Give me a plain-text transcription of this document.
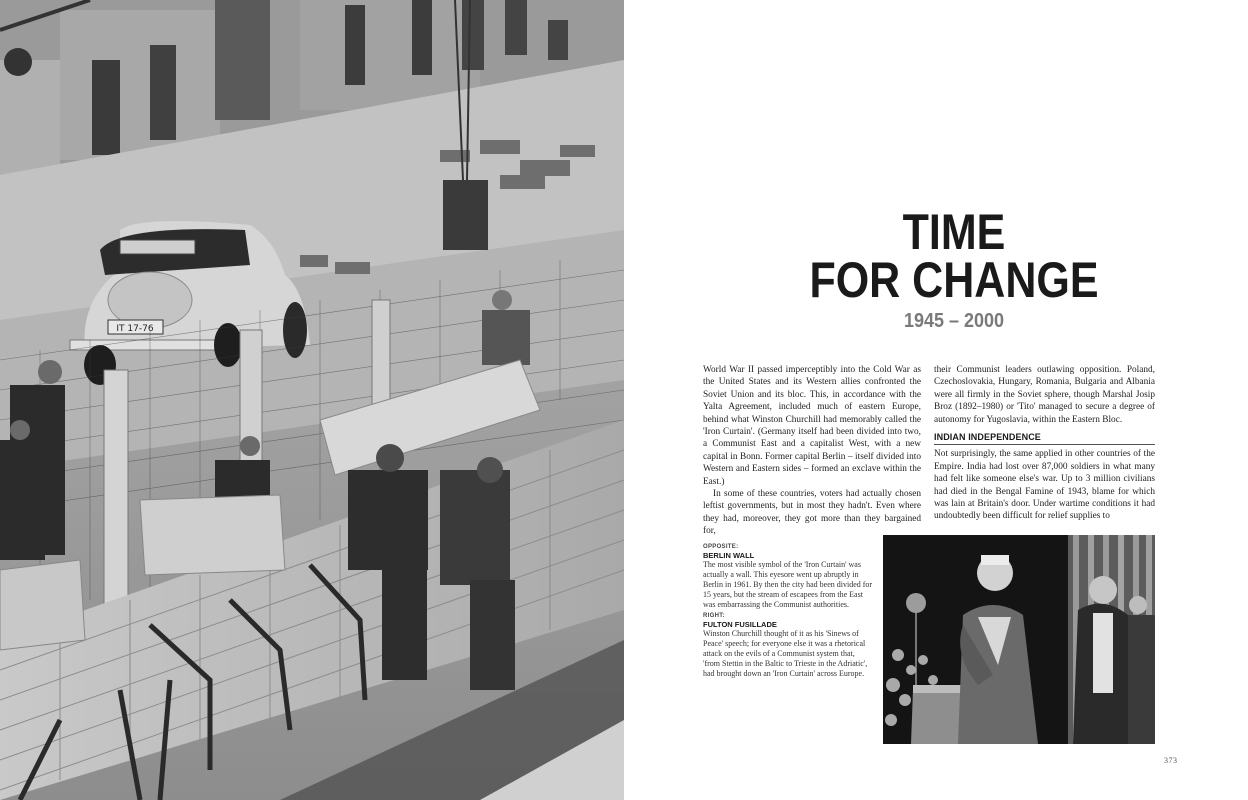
IT 17-76
TIME
FOR CHANGE
1945 – 2000

World War II passed imperceptibly into the Cold War as the United States and its Western allies confronted the Soviet Union and its bloc. This, in accordance with the Yalta Agreement, included much of eastern Europe, behind what Winston Churchill had memorably called the 'Iron Curtain'. (Germany itself had been divided into two, a Communist East and a capitalist West, with a new capital in Bonn. Former capital Berlin – itself divided into Western and Eastern sides – formed an exclave within the East.)

In some of these countries, voters had actually chosen leftist governments, but in most they hadn't. Even where they had, moreover, they got more than they bargained for,

their Communist leaders outlawing opposition. Poland, Czechoslovakia, Hungary, Romania, Bulgaria and Albania were all firmly in the Soviet sphere, though Marshal Josip Broz (1892–1980) or 'Tito' managed to secure a degree of autonomy for Yugoslavia, within the Eastern Bloc.

INDIAN INDEPENDENCE

Not surprisingly, the same applied in other countries of the Empire. India had lost over 87,000 soldiers in what many had felt like someone else's war. Up to 3 million civilians had died in the Bengal Famine of 1943, blame for which was lain at Britain's door. Under wartime conditions it had undoubtedly been difficult for relief supplies to

OPPOSITE:
BERLIN WALL
The most visible symbol of the 'Iron Curtain' was actually a wall. This eyesore went up abruptly in Berlin in 1961. By then the city had been divided for 15 years, but the stream of escapees from the East was embarrassing the Communist authorities.
RIGHT:
FULTON FUSILLADE
Winston Churchill thought of it as his 'Sinews of Peace' speech; for everyone else it was a rhetorical attack on the evils of a Communist system that, 'from Stettin in the Baltic to Trieste in the Adriatic', had brought down an 'Iron Curtain' across Europe.
373
